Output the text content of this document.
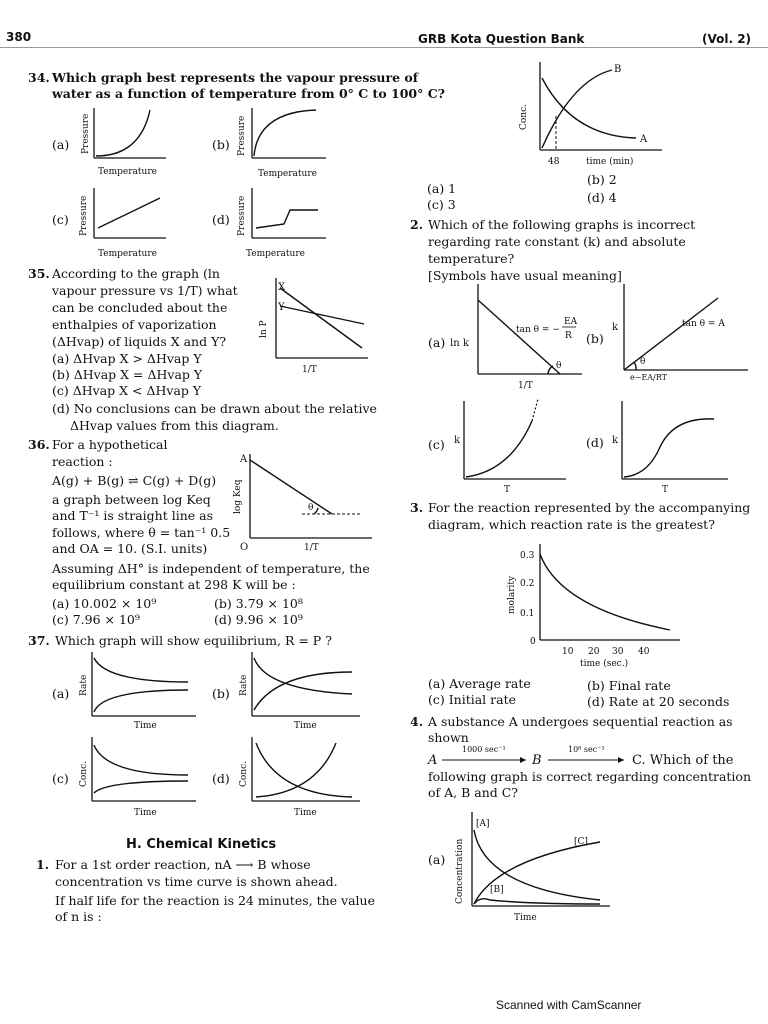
380	GRB Kota Question Bank	(Vol. 2)
34. Which graph best represents the vapour pressure of
water as a function of temperature from 0° C to 100° C?
(a) Pressure
Temperature
(b) Pressure
Temperature
(c) Pressure
Temperature
(d) Pressure
Temperature
35. According to the graph (ln
vapour pressure vs 1/T) what
can be concluded about the
enthalpies of vaporization
(ΔHvap) of liquids X and Y?
(a) ΔHvap X > ΔHvap Y
(b) ΔHvap X = ΔHvap Y
(c) ΔHvap X < ΔHvap Y
(d) No conclusions can be drawn about the relative
ΔHvap values from this diagram.
X
Y
ln P
1/T
36. For a hypothetical
reaction :
A(g) + B(g) ⇌ C(g) + D(g)
a graph between log Keq
and T⁻¹ is straight line as
follows, where θ = tan⁻¹ 0.5
and OA = 10. (S.I. units)
Assuming ΔH° is independent of temperature, the
equilibrium constant at 298 K will be :
(a) 10.002 × 10⁹	(b) 3.79 × 10⁸
(c) 7.96 × 10⁹	(d) 9.96 × 10⁹
A
O
θ
log Keq
1/T
37. Which graph will show equilibrium, R = P ?
(a) Rate
Time
(b) Rate
Time
(c) Conc.
Time
(d) Conc.
Time
H. Chemical Kinetics
1. For a 1st order reaction, nA ⟶ B whose
concentration vs time curve is shown ahead.
If half life for the reaction is 24 minutes, the value
of n is :
B
A
48	time (min)
Conc.
(a) 1
(b) 2
(c) 3	(d) 4
2. Which of the following graphs is incorrect
regarding rate constant (k) and absolute
temperature?
[Symbols have usual meaning]
(a)	(b)
(c)	(d)
ln k
1/T
θ
tan θ = −
EA
R
k	tan θ = A
θ
e−EA/RT
k
T
k
T
3. For the reaction represented by the accompanying
diagram, which reaction rate is the greatest?
0.3
0.2
0.1
0
10 20 30 40
time (sec.)
molarity
(a) Average rate	(b) Final rate
(c) Initial rate	(d) Rate at 20 seconds
4. A substance A undergoes sequential reaction as
shown
A
1000 sec⁻¹
B
10⁸ sec⁻¹
C. Which of the
following graph is correct regarding concentration
of A, B and C?
(a)
[A]
[C]
[B]
Concentration
Time
Scanned with CamScanner
